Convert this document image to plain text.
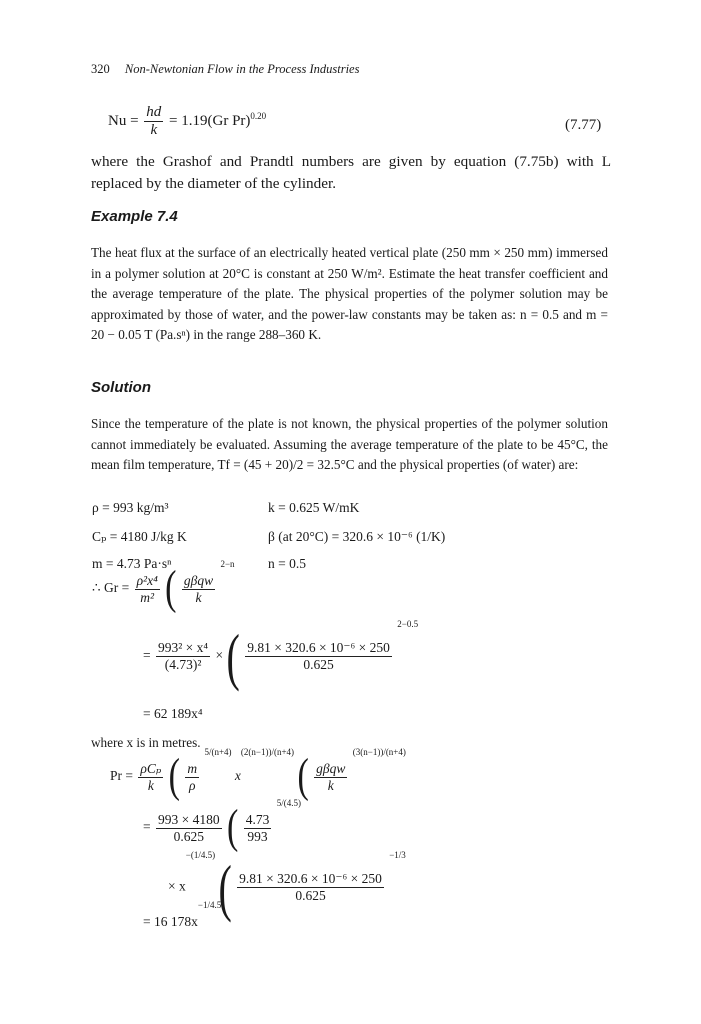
320 Non-Newtonian Flow in the Process Industries
$Nu = \frac{hd}{k} = 1.19(Gr$ Pr)$^{0.20}$
(7.77)
where the Grashof and Prandtl numbers are given by equation (7.75b) with L replaced by the diameter of the cylinder.
Example 7.4
The heat flux at the surface of an electrically heated vertical plate (250 mm × 250 mm) immersed in a polymer solution at 20°C is constant at 250 W/m². Estimate the heat transfer coefficient and the average temperature of the plate. The physical properties of the polymer solution may be approximated by those of water, and the power-law constants may be taken as: n = 0.5 and m = 20 − 0.05 T (Pa.sⁿ) in the range 288–360 K.
Solution
Since the temperature of the plate is not known, the physical properties of the polymer solution cannot immediately be evaluated. Assuming the average temperature of the plate to be 45°C, the mean film temperature, Tf = (45 + 20)/2 = 32.5°C and the physical properties (of water) are:
ρ = 993 kg/m³	k = 0.625 W/mK
Cₚ = 4180 J/kg K	β (at 20°C) = 320.6 × 10⁻⁶ (1/K)
m = 4.73 Pa·sⁿ	n = 0.5
∴ $Gr = \frac{\text{ρ²x⁴}}{\text{m²}}$ ( $\frac{\text{gβqw}}{k}$
2−n
= $\frac{\text{993² × x⁴}}{\text{(4.73)²}}$ × ( $\frac{\text{9.81 × 320.6 × 10⁻⁶ × 250}}{0.625}$
2−0.5
= 62 189x⁴
where x is in metres.
$Pr = \frac{\text{ρCₚ}}{k}$ ( $\frac{m}{\rho}$
5/(n+4) x(2(n−1))/(n+4) ( $\frac{\text{gβqw}}{k}$
(3(n−1))/(n+4)
= $\frac{993 \times 4180}{0.625}$ ( $\frac{4.73}{993}$
5/(4.5)
× x−(1/4.5) ( $\frac{\text{9.81 × 320.6 × 10⁻⁶ × 250}}{0.625}$
−1/3
= 16 178x−1/4.5
